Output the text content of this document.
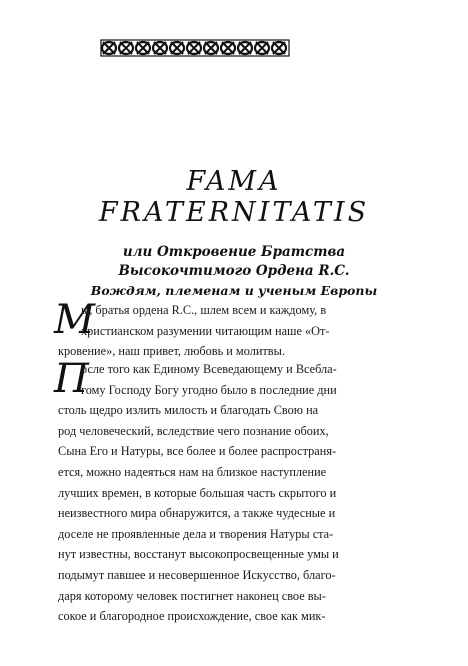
FAMA
FRATERNITATIS
или Откровение Братства
Высокочтимого Ордена R.C.
Вождям, племенам и ученым Европы
М
ы, братья ордена R.C., шлем всем и каждому, в
христианском разумении читающим наше «От-
кровение», наш привет, любовь и молитвы.
П
осле того как Единому Всеведающему и Всебла-
гому Господу Богу угодно было в последние дни
столь щедро излить милость и благодать Свою на
род человеческий, вследствие чего познание обоих,
Сына Его и Натуры, все более и более распространя-
ется, можно надеяться нам на близкое наступление
лучших времен, в которые большая часть скрытого и
неизвестного мира обнаружится, а также чудесные и
доселе не проявленные дела и творения Натуры ста-
нут известны, восстанут высокопросвещенные умы и
подымут павшее и несовершенное Искусство, благо-
даря которому человек постигнет наконец свое вы-
сокое и благородное происхождение, свое как мик-
